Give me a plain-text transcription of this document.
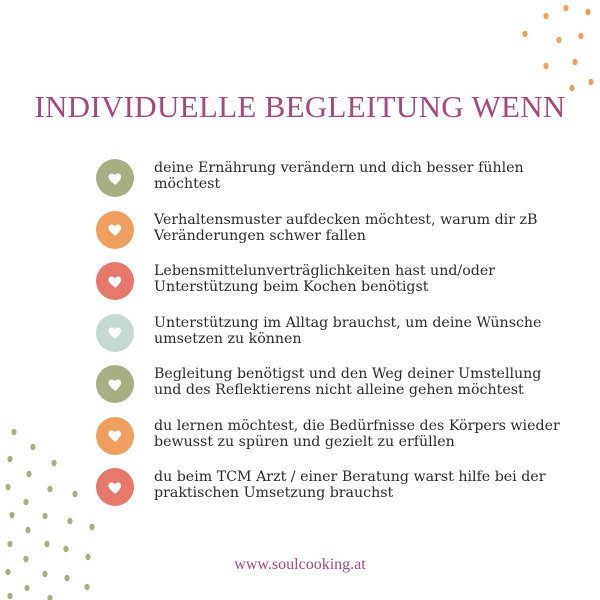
INDIVIDUELLE BEGLEITUNG WENN
deine Ernährung verändern und dich besser fühlen möchtest
Verhaltensmuster aufdecken möchtest, warum dir zB Veränderungen schwer fallen
Lebensmittelunverträglichkeiten hast und/oder Unterstützung beim Kochen benötigst
Unterstützung im Alltag brauchst, um deine Wünsche umsetzen zu können
Begleitung benötigst und den Weg deiner Umstellung und des Reflektierens nicht alleine gehen möchtest
du lernen möchtest, die Bedürfnisse des Körpers wieder bewusst zu spüren und gezielt zu erfüllen
du beim TCM Arzt / einer Beratung warst hilfe bei der praktischen Umsetzung brauchst
www.soulcooking.at
